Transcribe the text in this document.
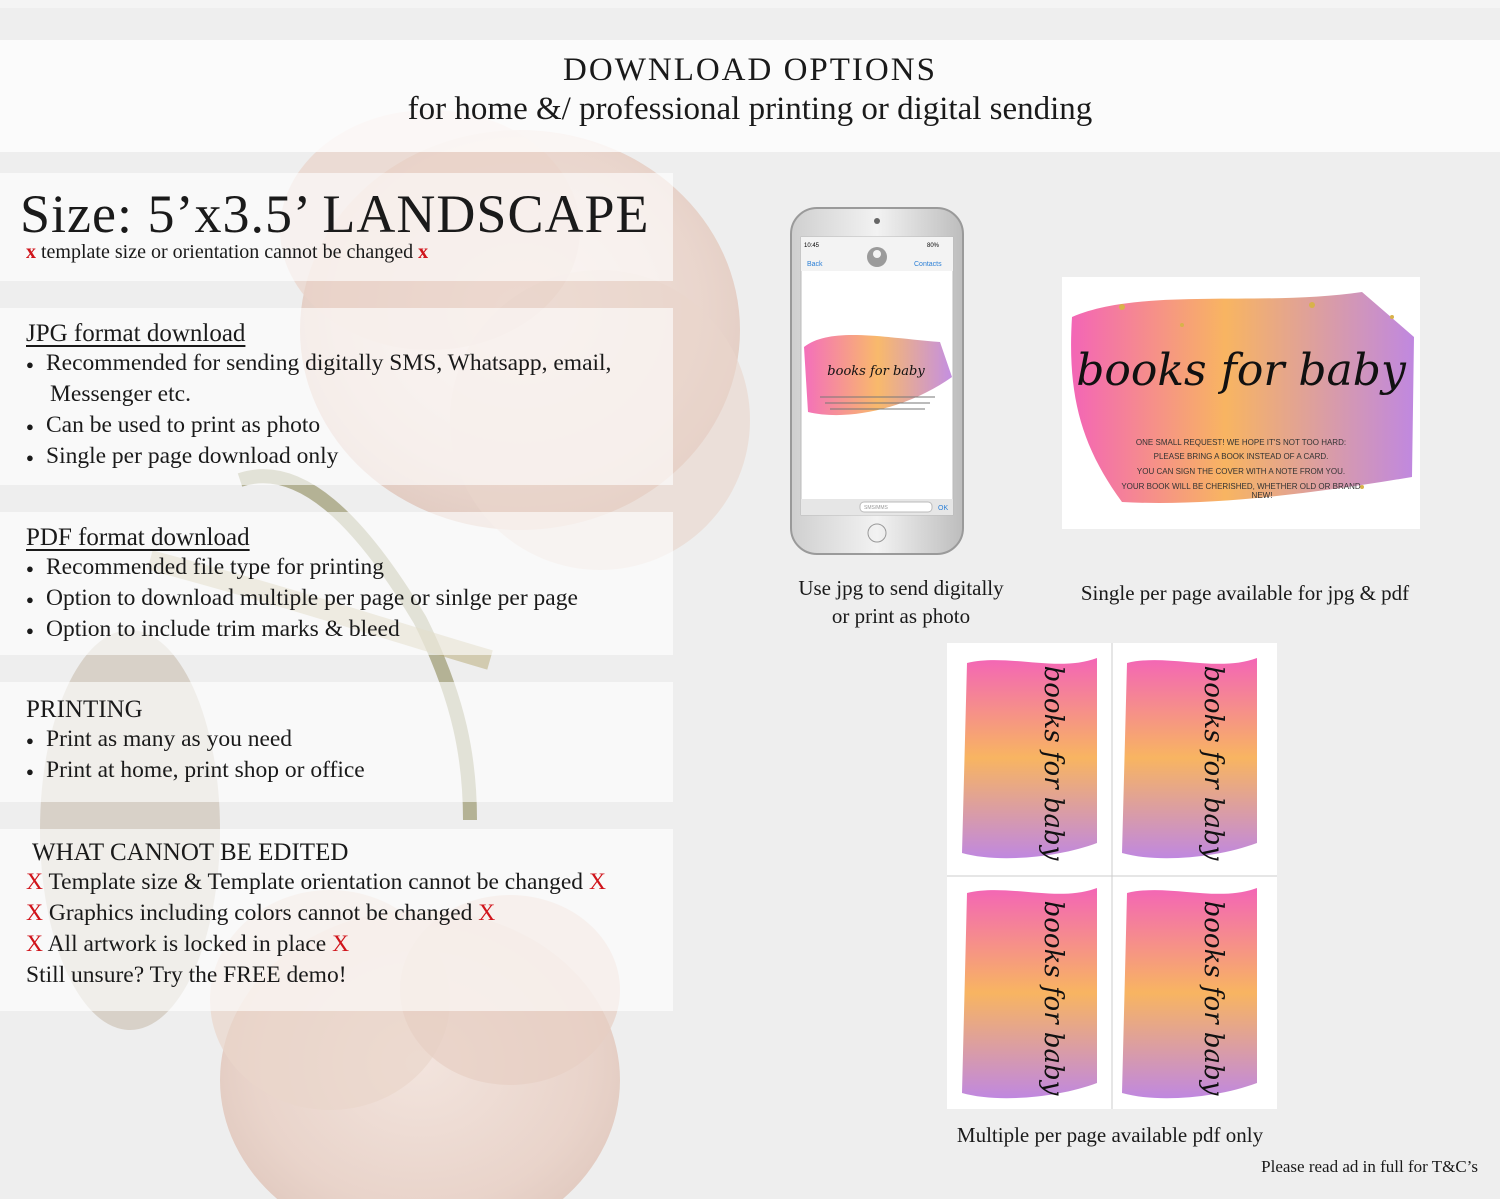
DOWNLOAD OPTIONS
for home &/ professional printing or digital sending
Size: 5’x3.5’ LANDSCAPE
x template size or orientation cannot be changed x
JPG format download
● Recommended for sending digitally SMS, Whatsapp, email,
Messenger etc.
● Can be used to print as photo
● Single per page download only
PDF format download
● Recommended file type for printing
● Option to download multiple per page or sinlge per page
● Option to include trim marks & bleed
PRINTING
● Print as many as you need
● Print at home, print shop or office
WHAT CANNOT BE EDITED
X Template size & Template orientation cannot be changed X
X Graphics including colors cannot be changed X
X All artwork is locked in place X
Still unsure? Try the FREE demo!
10:45	80%
Back	Contacts
books for baby
SMS/MMS	OK
books for baby
ONE SMALL REQUEST! WE HOPE IT'S NOT TOO HARD:
PLEASE BRING A BOOK INSTEAD OF A CARD.
YOU CAN SIGN THE COVER WITH A NOTE FROM YOU.
YOUR BOOK WILL BE CHERISHED, WHETHER OLD OR BRAND
NEW!
books for baby	books for baby
books for baby	books for baby
Use jpg to send digitally
or print as photo
Single per page available for jpg & pdf
Multiple per page available pdf only
Please read ad in full for T&C’s
